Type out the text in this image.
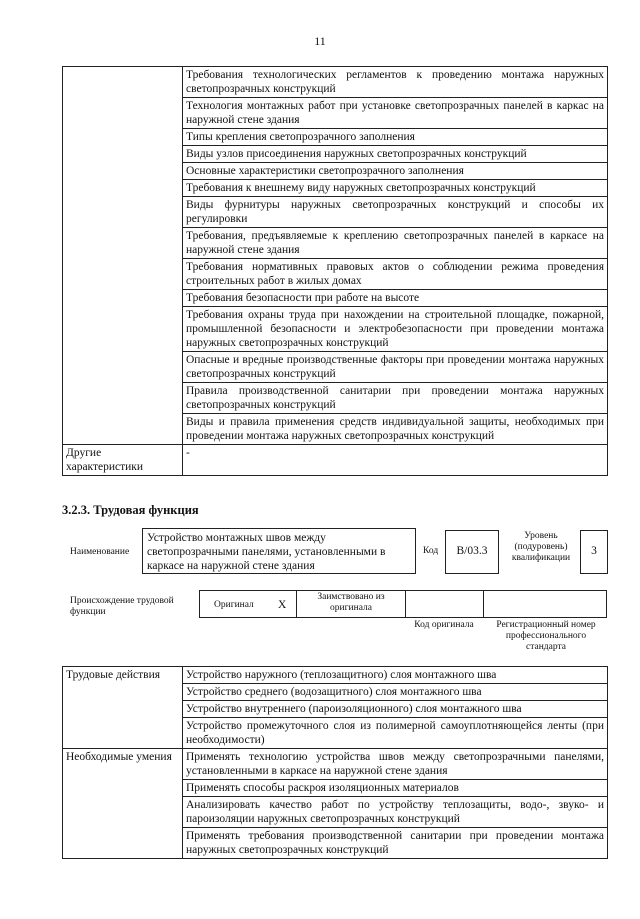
11
	Требования технологических регламентов к проведению монтажа наружных светопрозрачных конструкций
	Технология монтажных работ при установке светопрозрачных панелей в каркас на наружной стене здания
	Типы крепления светопрозрачного заполнения
	Виды узлов присоединения наружных светопрозрачных конструкций
	Основные характеристики светопрозрачного заполнения
	Требования к внешнему виду наружных светопрозрачных конструкций
	Виды фурнитуры наружных светопрозрачных конструкций и способы их регулировки
	Требования, предъявляемые к креплению светопрозрачных панелей в каркасе на наружной стене здания
	Требования нормативных правовых актов о соблюдении режима проведения строительных работ в жилых домах
	Требования безопасности при работе на высоте
	Требования охраны труда при нахождении на строительной площадке, пожарной, промышленной безопасности и электробезопасности при проведении монтажа наружных светопрозрачных конструкций
	Опасные и вредные производственные факторы при проведении монтажа наружных светопрозрачных конструкций
	Правила производственной санитарии при проведении монтажа наружных светопрозрачных конструкций
	Виды и правила применения средств индивидуальной защиты, необходимых при проведении монтажа наружных светопрозрачных конструкций
Другие характеристики	-
3.2.3. Трудовая функция
Наименование
Устройство монтажных швов между светопрозрачными панелями, установленными в каркасе на наружной стене здания
Код	В/03.3
Уровень (подуровень) квалификации
3
Происхождение трудовой функции
Оригинал Х
Заимствовано из оригинала
Код оригинала	Регистрационный номер профессионального стандарта
Трудовые действия	Устройство наружного (теплозащитного) слоя монтажного шва
	Устройство среднего (водозащитного) слоя монтажного шва
	Устройство внутреннего (пароизоляционного) слоя монтажного шва
	Устройство промежуточного слоя из полимерной самоуплотняющейся ленты (при необходимости)
Необходимые умения	Применять технологию устройства швов между светопрозрачными панелями, установленными в каркасе на наружной стене здания
	Применять способы раскроя изоляционных материалов
	Анализировать качество работ по устройству теплозащиты, водо-, звуко- и пароизоляции наружных светопрозрачных конструкций
	Применять требования производственной санитарии при проведении монтажа наружных светопрозрачных конструкций
